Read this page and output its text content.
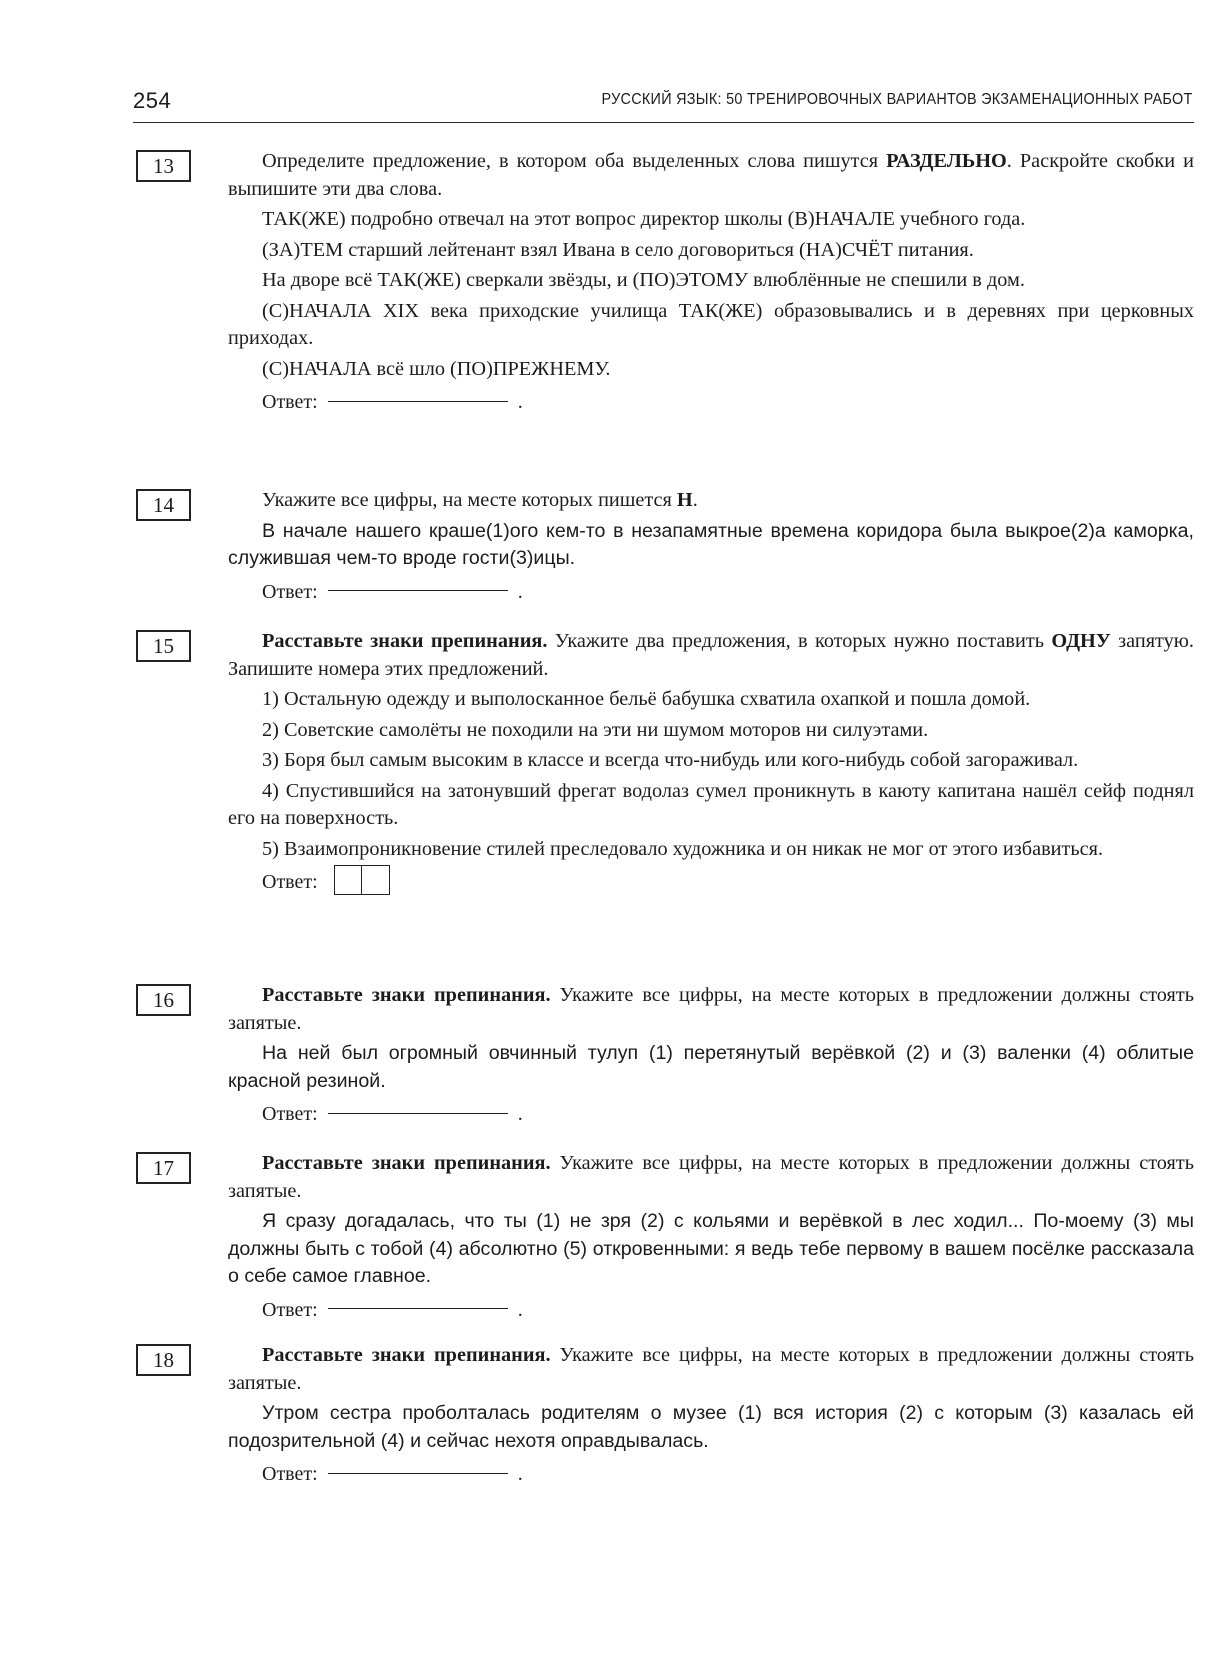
254	РУССКИЙ ЯЗЫК: 50 ТРЕНИРОВОЧНЫХ ВАРИАНТОВ ЭКЗАМЕНАЦИОННЫХ РАБОТ
13	Определите предложение, в котором оба выделенных слова пишутся РАЗДЕЛЬНО. Раскройте скобки и выпишите эти два слова.

ТАК(ЖЕ) подробно отвечал на этот вопрос директор школы (В)НАЧАЛЕ учебного года.

(ЗА)ТЕМ старший лейтенант взял Ивана в село договориться (НА)СЧЁТ питания.

На дворе всё ТАК(ЖЕ) сверкали звёзды, и (ПО)ЭТОМУ влюблённые не спешили в дом.

(С)НАЧАЛА XIX века приходские училища ТАК(ЖЕ) образовывались и в деревнях при церковных приходах.

(С)НАЧАЛА всё шло (ПО)ПРЕЖНЕМУ.

Ответ:	.
14	Укажите все цифры, на месте которых пишется Н.

В начале нашего краше(1)ого кем-то в незапамятные времена коридора была выкрое(2)а каморка, служившая чем-то вроде гости(3)ицы.

Ответ:	.
15	Расставьте знаки препинания. Укажите два предложения, в которых нужно поставить ОДНУ запятую. Запишите номера этих предложений.

1) Остальную одежду и выполосканное бельё бабушка схватила охапкой и пошла домой.

2) Советские самолёты не походили на эти ни шумом моторов ни силуэтами.

3) Боря был самым высоким в классе и всегда что-нибудь или кого-нибудь собой загораживал.

4) Спустившийся на затонувший фрегат водолаз сумел проникнуть в каюту капитана нашёл сейф поднял его на поверхность.

5) Взаимопроникновение стилей преследовало художника и он никак не мог от этого избавиться.

Ответ:
16	Расставьте знаки препинания. Укажите все цифры, на месте которых в предложении должны стоять запятые.

На ней был огромный овчинный тулуп (1) перетянутый верёвкой (2) и (3) валенки (4) облитые красной резиной.

Ответ:	.
17	Расставьте знаки препинания. Укажите все цифры, на месте которых в предложении должны стоять запятые.

Я сразу догадалась, что ты (1) не зря (2) с кольями и верёвкой в лес ходил... По-моему (3) мы должны быть с тобой (4) абсолютно (5) откровенными: я ведь тебе первому в вашем посёлке рассказала о себе самое главное.

Ответ:	.
18	Расставьте знаки препинания. Укажите все цифры, на месте которых в предложении должны стоять запятые.

Утром сестра проболталась родителям о музее (1) вся история (2) с которым (3) казалась ей подозрительной (4) и сейчас нехотя оправдывалась.

Ответ:	.
